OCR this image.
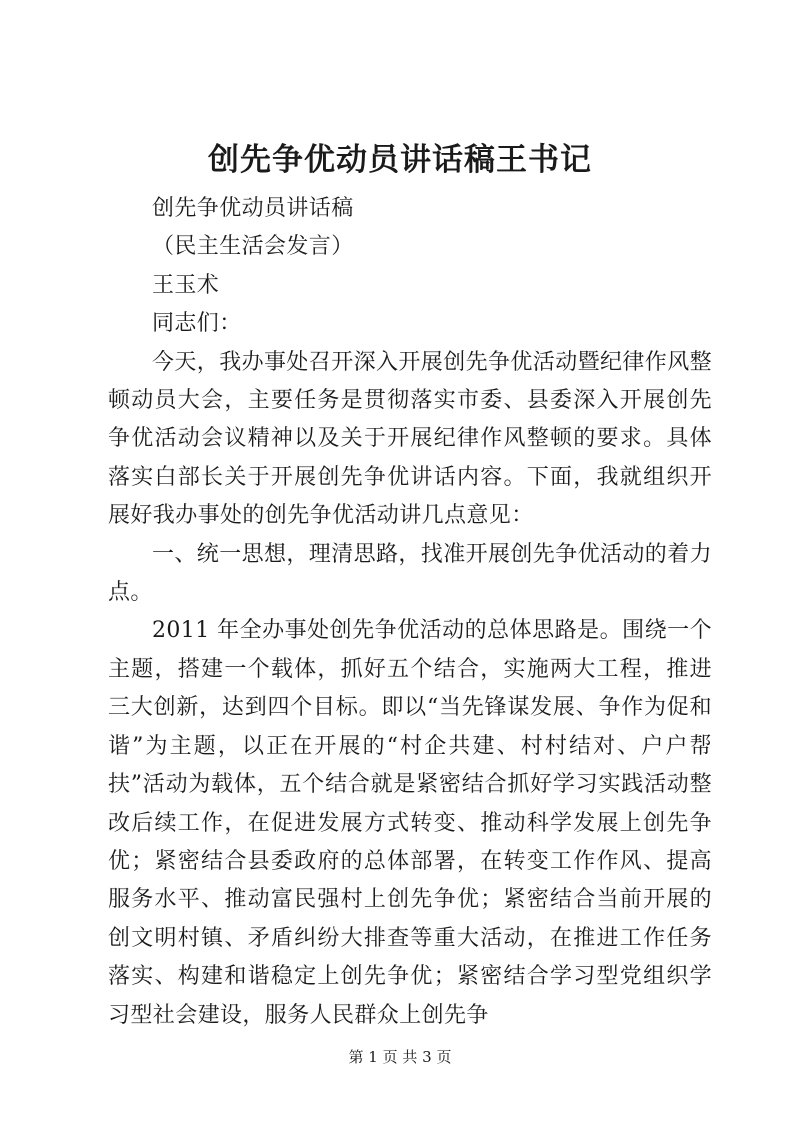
创先争优动员讲话稿王书记

创先争优动员讲话稿

（民主生活会发言）

王玉术

同志们：

今天，我办事处召开深入开展创先争优活动暨纪律作风整顿动员大会，主要任务是贯彻落实市委、县委深入开展创先争优活动会议精神以及关于开展纪律作风整顿的要求。具体落实白部长关于开展创先争优讲话内容。下面，我就组织开展好我办事处的创先争优活动讲几点意见：

一、统一思想，理清思路，找准开展创先争优活动的着力点。

2011 年全办事处创先争优活动的总体思路是。围绕一个主题，搭建一个载体，抓好五个结合，实施两大工程，推进三大创新，达到四个目标。即以“当先锋谋发展、争作为促和谐”为主题，以正在开展的“村企共建、村村结对、户户帮扶”活动为载体，五个结合就是紧密结合抓好学习实践活动整改后续工作，在促进发展方式转变、推动科学发展上创先争优；紧密结合县委政府的总体部署，在转变工作作风、提高服务水平、推动富民强村上创先争优；紧密结合当前开展的创文明村镇、矛盾纠纷大排查等重大活动，在推进工作任务落实、构建和谐稳定上创先争优；紧密结合学习型党组织学习型社会建设，服务人民群众上创先争

第 1 页 共 3 页
